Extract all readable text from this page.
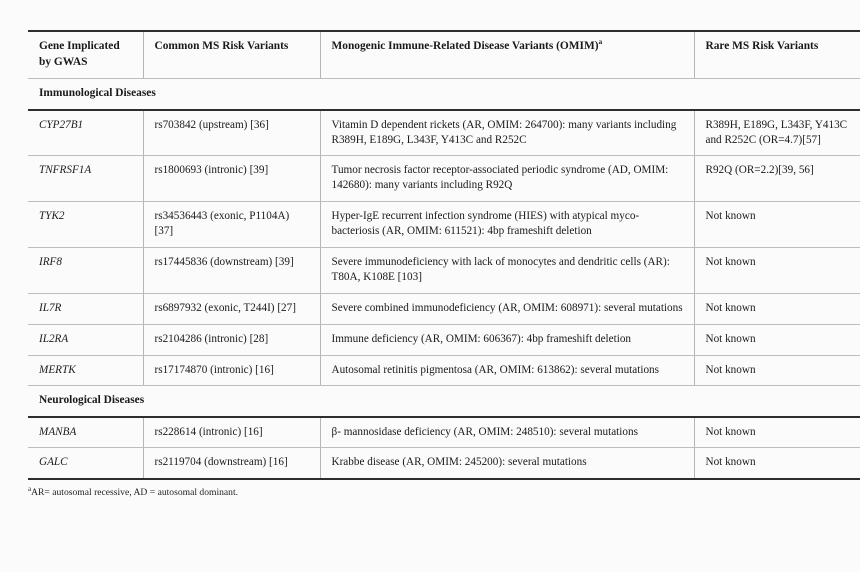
Gene Implicated by GWAS	Common MS Risk Variants	Monogenic Immune-Related Disease Variants (OMIM)$^a$	Rare MS Risk Variants
Immunological Diseases			
CYP27B1	rs703842 (upstream) [36]	Vitamin D dependent rickets (AR, OMIM: 264700): many variants including R389H, E189G, L343F, Y413C and R252C	R389H, E189G, L343F, Y413C and R252C (OR=4.7)[57]
TNFRSF1A	rs1800693 (intronic) [39]	Tumor necrosis factor receptor-associated periodic syndrome (AD, OMIM: 142680): many variants including R92Q	R92Q (OR=2.2)[39, 56]
TYK2	rs34536443 (exonic, P1104A) [37]	Hyper-IgE recurrent infection syndrome (HIES) with atypical myco-bacteriosis (AR, OMIM: 611521): 4bp frameshift deletion	Not known
IRF8	rs17445836 (downstream) [39]	Severe immunodeficiency with lack of monocytes and dendritic cells (AR): T80A, K108E [103]	Not known
IL7R	rs6897932 (exonic, T244I) [27]	Severe combined immunodeficiency (AR, OMIM: 608971): several mutations	Not known
IL2RA	rs2104286 (intronic) [28]	Immune deficiency (AR, OMIM: 606367): 4bp frameshift deletion	Not known
MERTK	rs17174870 (intronic) [16]	Autosomal retinitis pigmentosa (AR, OMIM: 613862): several mutations	Not known
Neurological Diseases			
MANBA	rs228614 (intronic) [16]	β- mannosidase deficiency (AR, OMIM: 248510): several mutations	Not known
GALC	rs2119704 (downstream) [16]	Krabbe disease (AR, OMIM: 245200): several mutations	Not known
$^a$AR= autosomal recessive, AD = autosomal dominant.
